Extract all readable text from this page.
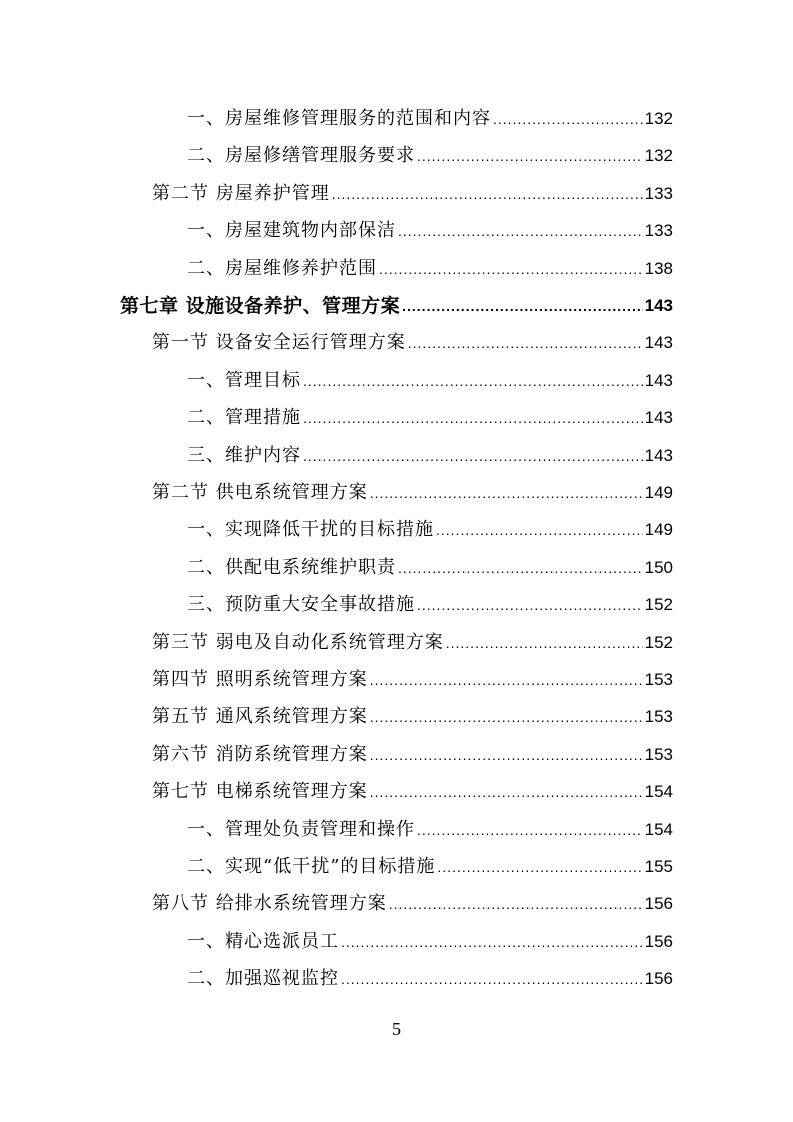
一、房屋维修管理服务的范围和内容 .....	132
二、房屋修缮管理服务要求 .....	132
第二节 房屋养护管理 .....	133
一、房屋建筑物内部保洁 .....	133
二、房屋维修养护范围 .....	138
第七章 设施设备养护、管理方案 .....	143
第一节 设备安全运行管理方案 .....	143
一、管理目标 .....	143
二、管理措施 .....	143
三、维护内容 .....	143
第二节 供电系统管理方案 .....	149
一、实现降低干扰的目标措施 .....	149
二、供配电系统维护职责 .....	150
三、预防重大安全事故措施 .....	152
第三节 弱电及自动化系统管理方案 .....	152
第四节 照明系统管理方案 .....	153
第五节 通风系统管理方案 .....	153
第六节 消防系统管理方案 .....	153
第七节 电梯系统管理方案 .....	154
一、管理处负责管理和操作 .....	154
二、实现“低干扰”的目标措施 .....	155
第八节 给排水系统管理方案 .....	156
一、精心选派员工 .....	156
二、加强巡视监控 .....	156
5
